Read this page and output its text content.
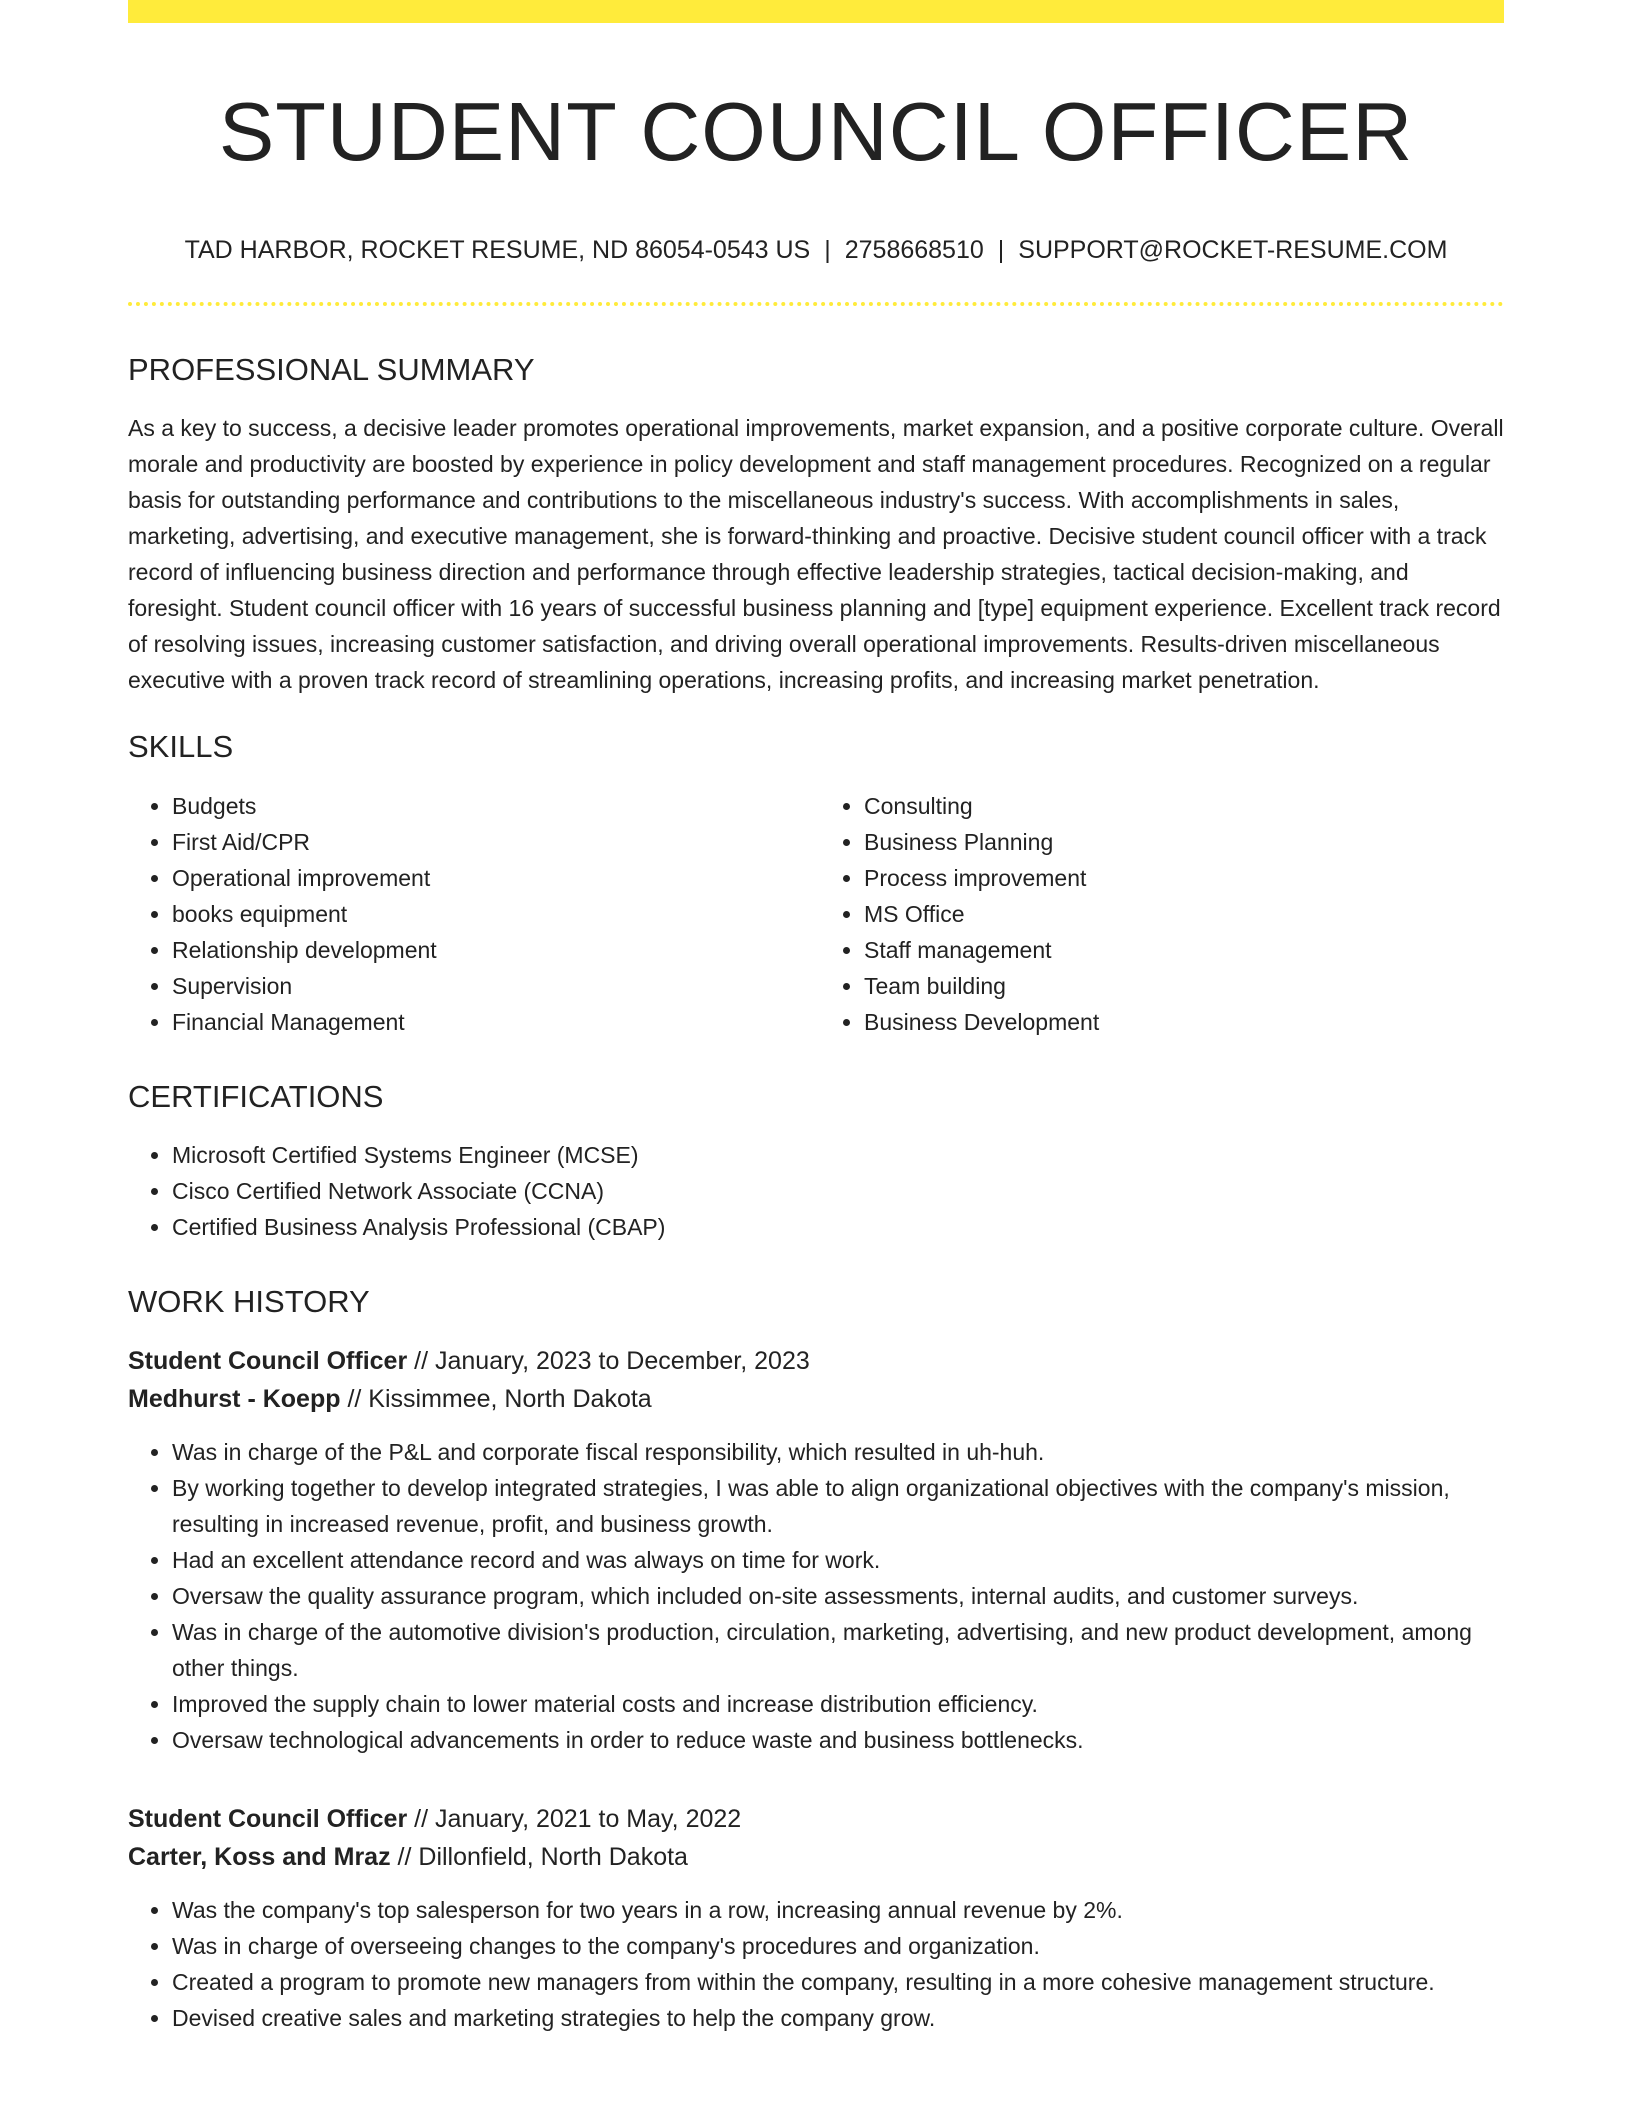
STUDENT COUNCIL OFFICER
TAD HARBOR, ROCKET RESUME, ND 86054-0543 US | 2758668510 | SUPPORT@ROCKET-RESUME.COM
PROFESSIONAL SUMMARY

As a key to success, a decisive leader promotes operational improvements, market expansion, and a positive corporate culture. Overall morale and productivity are boosted by experience in policy development and staff management procedures. Recognized on a regular basis for outstanding performance and contributions to the miscellaneous industry's success. With accomplishments in sales, marketing, advertising, and executive management, she is forward-thinking and proactive. Decisive student council officer with a track record of influencing business direction and performance through effective leadership strategies, tactical decision-making, and foresight. Student council officer with 16 years of successful business planning and [type] equipment experience. Excellent track record of resolving issues, increasing customer satisfaction, and driving overall operational improvements. Results-driven miscellaneous executive with a proven track record of streamlining operations, increasing profits, and increasing market penetration.

SKILLS
• Budgets
• First Aid/CPR
• Operational improvement
• books equipment
• Relationship development
• Supervision
• Financial Management
• Consulting
• Business Planning
• Process improvement
• MS Office
• Staff management
• Team building
• Business Development
CERTIFICATIONS
• Microsoft Certified Systems Engineer (MCSE)
• Cisco Certified Network Associate (CCNA)
• Certified Business Analysis Professional (CBAP)
WORK HISTORY
Student Council Officer // January, 2023 to December, 2023
Medhurst - Koepp // Kissimmee, North Dakota
• Was in charge of the P&L and corporate fiscal responsibility, which resulted in uh-huh.
• By working together to develop integrated strategies, I was able to align organizational objectives with the company's mission, resulting in increased revenue, profit, and business growth.
• Had an excellent attendance record and was always on time for work.
• Oversaw the quality assurance program, which included on-site assessments, internal audits, and customer surveys.
• Was in charge of the automotive division's production, circulation, marketing, advertising, and new product development, among other things.
• Improved the supply chain to lower material costs and increase distribution efficiency.
• Oversaw technological advancements in order to reduce waste and business bottlenecks.
Student Council Officer // January, 2021 to May, 2022
Carter, Koss and Mraz // Dillonfield, North Dakota
• Was the company's top salesperson for two years in a row, increasing annual revenue by 2%.
• Was in charge of overseeing changes to the company's procedures and organization.
• Created a program to promote new managers from within the company, resulting in a more cohesive management structure.
• Devised creative sales and marketing strategies to help the company grow.
